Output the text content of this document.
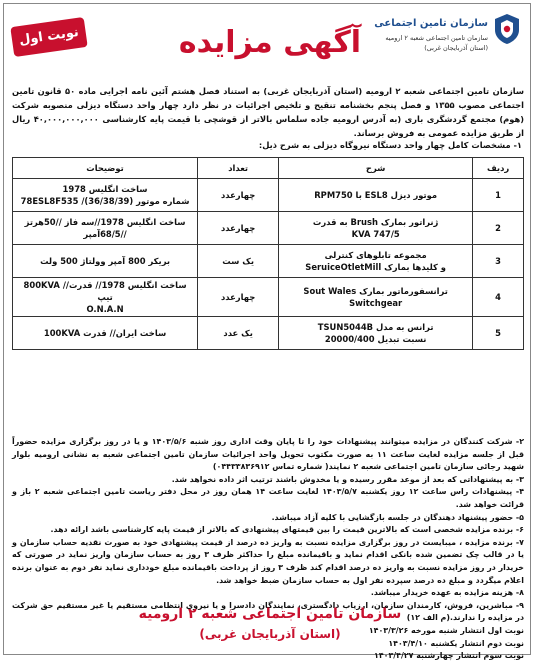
نوبت اول	آگهی مزایده
سازمان تامین اجتماعی
سازمان تامین اجتماعی شعبه ۲ ارومیه
(استان آذربایجان غربی)
سازمان تامین اجتماعی شعبه ۲ ارومیه (استان آذربایجان غربی) به استناد فصل هشتم آئین نامه اجرایی ماده ۵۰ قانون تامین اجتماعی مصوب ۱۳۵۵ و فصل پنجم بخشنامه تنقیح و تلخیص اجرائیات در نظر دارد چهار واحد دستگاه دیزلی منصوبه شرکت (هوم) مجتمع گردشگری باری (به آدرس ارومیه جاده سلماس بالاتر از قوشچی با قیمت پایه کارشناسی ۴۰,۰۰۰,۰۰۰,۰۰۰ ریال از طریق مزایده عمومی به فروش برساند.
۱- مشخصات کامل چهار واحد دستگاه نیروگاه دیزلی به شرح ذیل:
ردیف	شرح	تعداد	توضیحات
1	موتور دیزل ESL8 با RPM750	چهارعدد	ساخت انگلیس 1978
شماره موتور (36/38/39)/ 78ESL8F535
2	ژنراتور بمارک Brush به قدرت
KVA 747/5	چهارعدد	ساخت انگلیس 1978//سه فاز //50هرتز
//68/5آمپر
3	مجموعه تابلوهای کنترلی
و کلیدها بمارک SeruiceOtletMill	یک ست	بریکر 800 آمپر وولتاژ 500 ولت
4	ترانسفورماتور بمارک Sout Wales Switchgear	چهارعدد	ساخت انگلیس 1978// قدرت// 800KVA تیپ
O.N.A.N
5	ترانس به مدل TSUN5044B
نسبت تبدیل 20000/400	یک عدد	ساخت ایران// قدرت 100KVA

۲- شرکت کنندگان در مزایده میتوانند پیشنهادات خود را تا پایان وقت اداری روز شنبه ۱۴۰۳/۵/۶ و یا در روز برگزاری مزایده حضوراً قبل از جلسه مزایده لغایت ساعت ۱۱ به صورت مکتوب تحویل واحد اجرائیات سازمان تامین اجتماعی شعبه به نشانی ارومیه بلوار شهید رجائی سازمان تامین اجتماعی شعبه ۲ نمایند( شماره تماس ۰۴۴۳۳۸۳۶۹۱۲)

۳- به پیشنهاداتی که بعد از موعد مقرر رسیده و یا مخدوش باشند ترتیب اثر داده نخواهد شد.

۴- پیشنهادات راس ساعت ۱۲ روز یکشنبه ۱۴۰۳/۵/۷ لغایت ساعت ۱۴ همان روز در محل دفتر ریاست تامین اجتماعی شعبه ۲ باز و قرائت خواهد شد.

۵- حضور پیشنهاد دهندگان در جلسه بازگشایی با کلیه آزاد میباشد.

۶- برنده مزایده شخصی است که بالاترین قیمت را بین قیمتهای پیشنهادی که بالاتر از قیمت پایه کارشناسی باشد ارائه دهد.

۷- برنده مزایده ، میبایست در روز برگزاری مزایده نسبت به واریز ده درصد از قیمت پیشنهادی خود به صورت نقدیه حساب سازمان و یا در قالب چک تضمین شده بانکی اقدام نماید و باقیمانده مبلغ را حداکثر ظرف ۳ روز به حساب سازمان واریز نماید در صورتی که خریدار در روز مزایده نسبت به واریز ده درصد اقدام کند ظرف ۳ روز از پرداخت باقیمانده مبلغ خودداری نماید نفر دوم به عنوان برنده اعلام میگردد و مبلغ ده درصد سپرده نفر اول به حساب سازمان ضبط خواهد شد.

۸- هزینه مزایده به عهده خریدار میباشد.

۹- مباشرین، فروش، کارمندان سازمان، ارزیاب دادگستری، نمایندگان دادسرا و یا نیروی انتظامی مستقیم یا غیر مستقیم حق شرکت در مزایده را ندارند.(م الف ۱۲)

نوبت اول انتشار شنبه مورخه ۱۴۰۳/۳/۲۶

نوبت دوم انتشار یکشنبه ۱۴۰۳/۴/۱۰

نوبت سوم انتشار چهارشنبه ۱۴۰۳/۴/۲۷

سازمان تامین اجتماعی شعبه ۲ ارومیه
(استان آذربایجان غربی)
